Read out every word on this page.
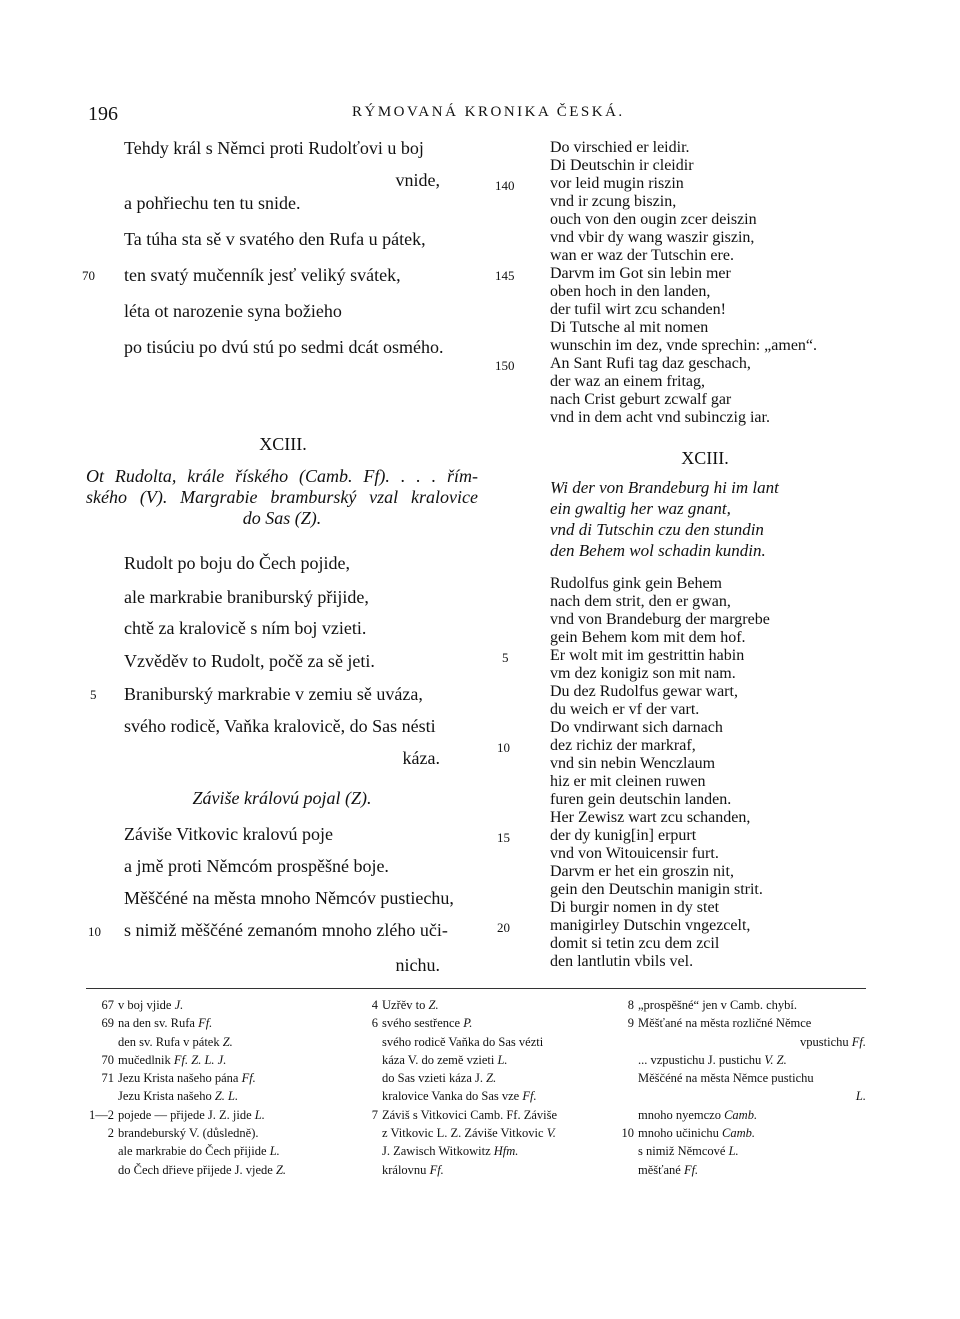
196	RÝMOVANÁ KRONIKA ČESKÁ.
Tehdy král s Němci proti Rudolťovi u boj
vnide,
a pohřiechu ten tu snide.
Ta túha sta sě v svatého den Rufa u pátek,
70 ten svatý mučenník jesť veliký svátek,
léta ot narozenie syna božieho
po tisúciu po dvú stú po sedmi dcát osmého.
XCIII.
Ot Rudolta, krále říského (Camb. Ff). . . . řím-
ského (V). Margrabie bramburský vzal kralovice
do Sas (Z).
Rudolt po boju do Čech pojide,
ale markrabie braniburský přijide,
chtě za kralovicě s ním boj vzieti.
Vzvěděv to Rudolt, počě za sě jeti.
5 Braniburský markrabie v zemiu sě uváza,
svého rodicě, Vaňka kralovicě, do Sas nésti
káza.
Záviše královú pojal (Z).
Záviše Vitkovic kralovú poje
a jmě proti Němcóm prospěšné boje.
Měščéné na města mnoho Němcóv pustiechu,
10 s nimiž měščéné zemanóm mnoho zlého uči-
nichu.
Do virschied er leidir.
Di Deutschin ir cleidir
vor leid mugin riszin
vnd ir zcung biszin,
ouch von den ougin zcer deiszin
vnd vbir dy wang waszir giszin,
wan er waz der Tutschin ere.
Darvm im Got sin lebin mer
oben hoch in den landen,
der tufil wirt zcu schanden!
Di Tutsche al mit nomen
wunschin im dez, vnde sprechin: „amen“.
An Sant Rufi tag daz geschach,
der waz an einem fritag,
nach Crist geburt zcwalf gar
vnd in dem acht vnd subinczig iar.
140
145
150
XCIII.
Wi der von Brandeburg hi im lant
ein gwaltig her waz gnant,
vnd di Tutschin czu den stundin
den Behem wol schadin kundin.
Rudolfus gink gein Behem
nach dem strit, den er gwan,
vnd von Brandeburg der margrebe
gein Behem kom mit dem hof.
Er wolt mit im gestrittin habin
vm dez konigiz son mit nam.
Du dez Rudolfus gewar wart,
du weich er vf der vart.
Do vndirwant sich darnach
dez richiz der markraf,
vnd sin nebin Wenczlaum
hiz er mit cleinen ruwen
furen gein deutschin landen.
Her Zewisz wart zcu schanden,
der dy kunig[in] erpurt
vnd von Witouicensir furt.
Darvm er het ein groszin nit,
gein den Deutschin manigin strit.
Di burgir nomen in dy stet
manigirley Dutschin vngezcelt,
domit si tetin zcu dem zcil
den lantlutin vbils vel.
5
10
15
20
67 v boj vjide J.
69 na den sv. Rufa Ff.
den sv. Rufa v pátek Z.
70 mučedlnik Ff. Z. L. J.
71 Jezu Krista našeho pána Ff.
Jezu Krista našeho Z. L.
1—2 pojede — přijede J. Z. jide L.
2 brandeburský V. (důsledně).
ale markrabie do Čech přijide L.
do Čech dřieve přijede J. vjede Z.
4 Uzřěv to Z.
6 svého sestřence P.
svého rodicě Vaňka do Sas vézti
káza V. do země vzieti L.
do Sas vzieti káza J. Z.
kralovice Vanka do Sas vze Ff.
7 Záviš s Vitkovici Camb. Ff. Záviše
z Vitkovic L. Z. Záviše Vitkovic V.
J. Zawisch Witkowitz Hfm.
královnu Ff.
8 „prospěšné“ jen v Camb. chybí.
9 Měšťané na města rozličné Němce
vpustichu Ff.
... vzpustichu J. pustichu V. Z.
Měščéné na města Němce pustichu
L.
mnoho nyemczo Camb.
10 mnoho učinichu Camb.
s nimiž Němcové L.
měšťané Ff.
